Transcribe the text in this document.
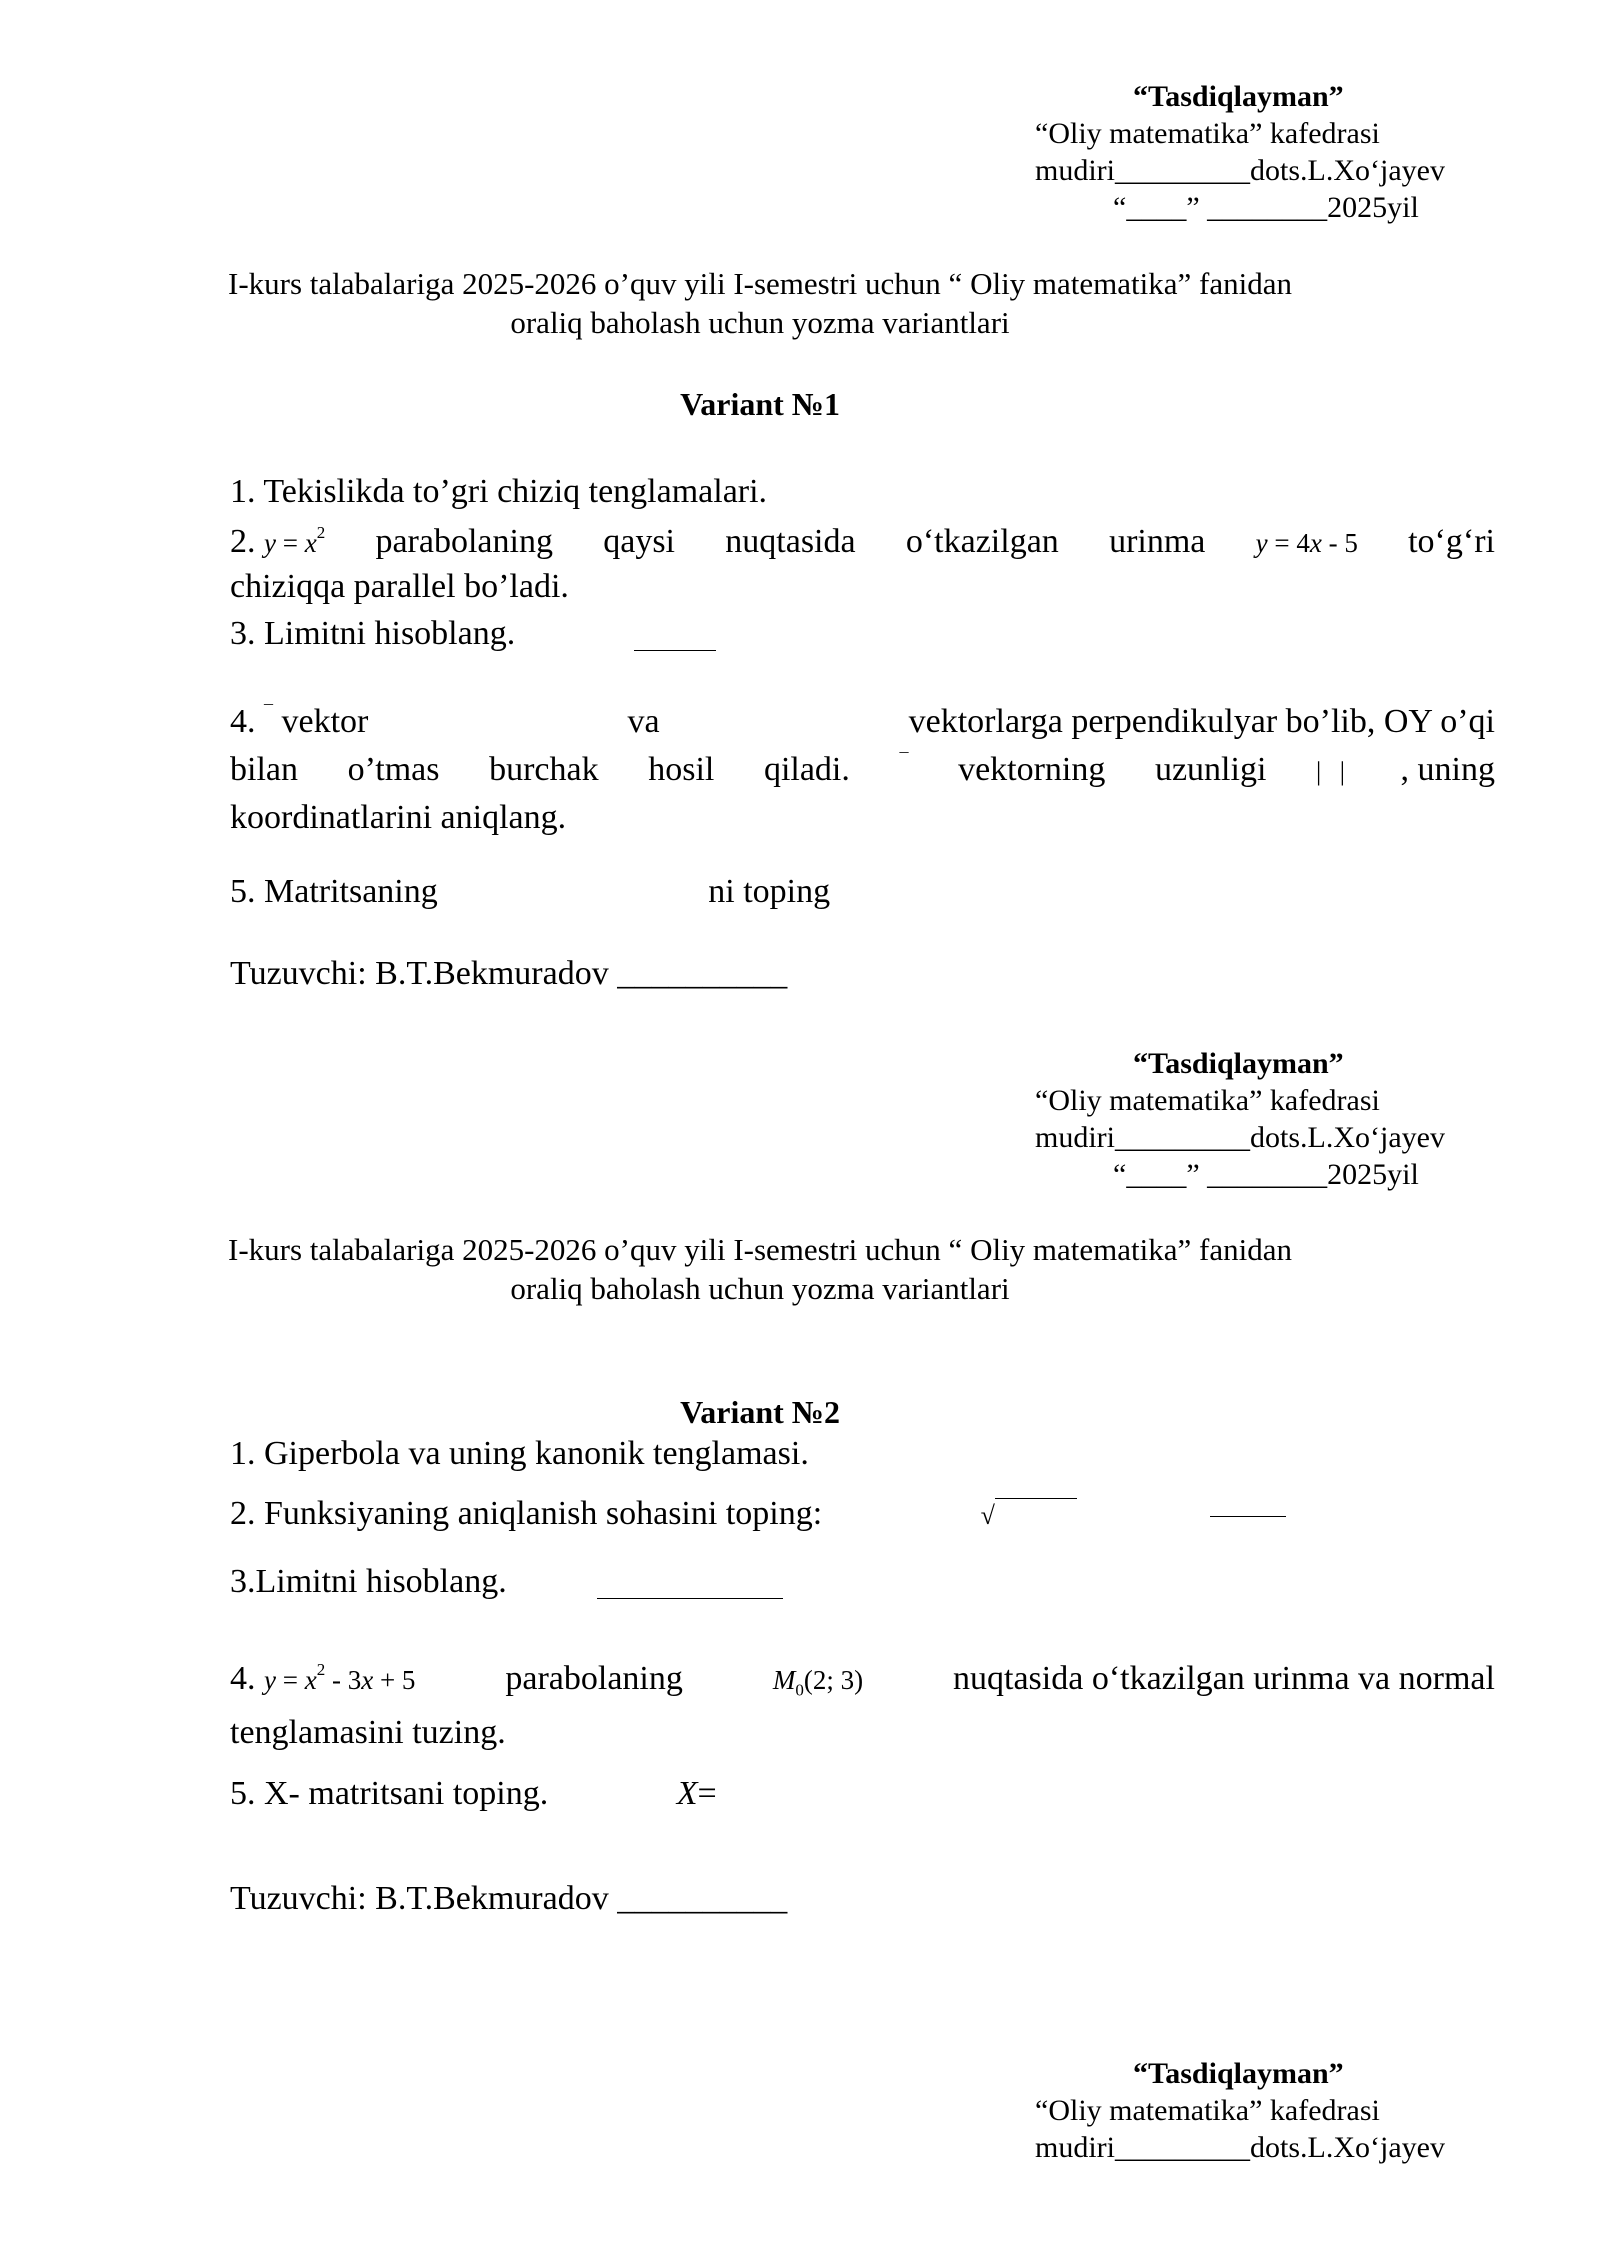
“Tasdiqlayman”
“Oliy matematika” kafedrasi
mudiri_________dots.L.Xo‘jayev
“____” ________2025yil
I-kurs talabalariga 2025-2026 o’quv yili I-semestri uchun “ Oliy matematika” fanidan
oraliq baholash uchun yozma variantlari
Variant №1
1. Tekislikda to’gri chiziq tenglamalari.
2. $y = x^2$ parabolaning qaysi nuqtasida o‘tkazilgan urinma y = 4x - 5 to‘g‘ri
chiziqqa parallel bo’ladi.
3. Limitni hisoblang.
4. ¯ vektor	va	vektorlarga perpendikulyar bo’lib, OY o’qi
bilan o’tmas burchak hosil qiladi.	¯ vektorning uzunligi | | , uning
koordinatlarini aniqlang.
5. Matritsaning	ni toping
Tuzuvchi: B.T.Bekmuradov __________
“Tasdiqlayman”
“Oliy matematika” kafedrasi
mudiri_________dots.L.Xo‘jayev
“____” ________2025yil
I-kurs talabalariga 2025-2026 o’quv yili I-semestri uchun “ Oliy matematika” fanidan
oraliq baholash uchun yozma variantlari
Variant №2
1. Giperbola va uning kanonik tenglamasi.
2. Funksiyaning aniqlanish sohasini toping:	√
3.Limitni hisoblang.
4. $y = x^2 - 3x + 5$	parabolaning	$M_0(2$; 3)	nuqtasida o‘tkazilgan urinma va normal
tenglamasini tuzing.
5. X- matritsani toping.	X=
Tuzuvchi: B.T.Bekmuradov __________
“Tasdiqlayman”
“Oliy matematika” kafedrasi
mudiri_________dots.L.Xo‘jayev
